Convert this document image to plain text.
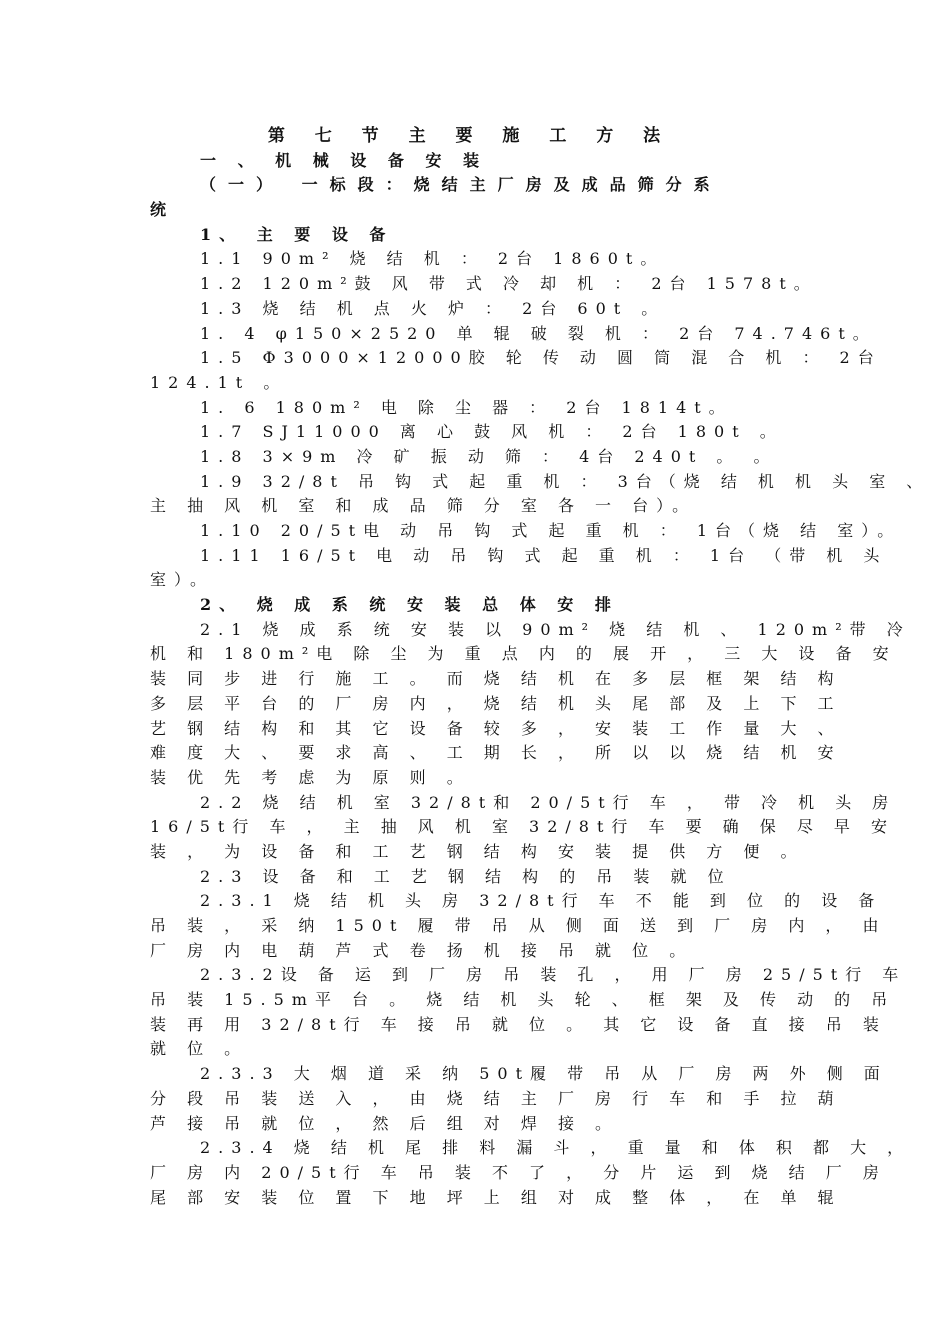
第 七 节 主 要 施 工 方 法
一 、 机 械 设 备 安 装
（一） 一标段：烧结主厂房及成品筛分系
统
1、 主 要 设 备
1.1 90m² 烧 结 机 ： 2台 1860t。
1.2 120m²鼓 风 带 式 冷 却 机 ： 2台 1578t。
1.3 烧 结 机 点 火 炉 ： 2台 60t 。
1. 4 φ150×2520 单 辊 破 裂 机 ： 2台 74.746t。
1.5 Φ3000×12000胶 轮 传 动 圆 筒 混 合 机 ： 2台
124.1t 。
1. 6 180m² 电 除 尘 器 ： 2台 1814t。
1.7 SJ11000 离 心 鼓 风 机 ： 2台 180t 。
1.8 3×9m 冷 矿 振 动 筛 ： 4台 240t 。 。
1.9 32/8t 吊 钩 式 起 重 机 ： 3台（烧 结 机 机 头 室 、
主 抽 风 机 室 和 成 品 筛 分 室 各 一 台）。
1.10 20/5t电 动 吊 钩 式 起 重 机 ： 1台（烧 结 室）。
1.11 16/5t 电 动 吊 钩 式 起 重 机 ： 1台 （带 机 头
室）。
2、 烧 成 系 统 安 装 总 体 安 排
2.1 烧 成 系 统 安 装 以 90m² 烧 结 机 、 120m²带 冷
机 和 180m²电 除 尘 为 重 点 内 的 展 开 ， 三 大 设 备 安
装 同 步 进 行 施 工 。 而 烧 结 机 在 多 层 框 架 结 构
多 层 平 台 的 厂 房 内 ， 烧 结 机 头 尾 部 及 上 下 工
艺 钢 结 构 和 其 它 设 备 较 多 ， 安 装 工 作 量 大 、
难 度 大 、 要 求 高 、 工 期 长 ， 所 以 以 烧 结 机 安
装 优 先 考 虑 为 原 则 。
2.2 烧 结 机 室 32/8t和 20/5t行 车 ， 带 冷 机 头 房
16/5t行 车 ， 主 抽 风 机 室 32/8t行 车 要 确 保 尽 早 安
装 ， 为 设 备 和 工 艺 钢 结 构 安 装 提 供 方 便 。
2.3 设 备 和 工 艺 钢 结 构 的 吊 装 就 位
2.3.1 烧 结 机 头 房 32/8t行 车 不 能 到 位 的 设 备
吊 装 ， 采 纳 150t 履 带 吊 从 侧 面 送 到 厂 房 内 ， 由
厂 房 内 电 葫 芦 式 卷 扬 机 接 吊 就 位 。
2.3.2设 备 运 到 厂 房 吊 装 孔 ， 用 厂 房 25/5t行 车
吊 装 15.5m平 台 。 烧 结 机 头 轮 、 框 架 及 传 动 的 吊
装 再 用 32/8t行 车 接 吊 就 位 。 其 它 设 备 直 接 吊 装
就 位 。
2.3.3 大 烟 道 采 纳 50t履 带 吊 从 厂 房 两 外 侧 面
分 段 吊 装 送 入 ， 由 烧 结 主 厂 房 行 车 和 手 拉 葫
芦 接 吊 就 位 ， 然 后 组 对 焊 接 。
2.3.4 烧 结 机 尾 排 料 漏 斗 ， 重 量 和 体 积 都 大 ，
厂 房 内 20/5t行 车 吊 装 不 了 ， 分 片 运 到 烧 结 厂 房
尾 部 安 装 位 置 下 地 坪 上 组 对 成 整 体 ， 在 单 辊
